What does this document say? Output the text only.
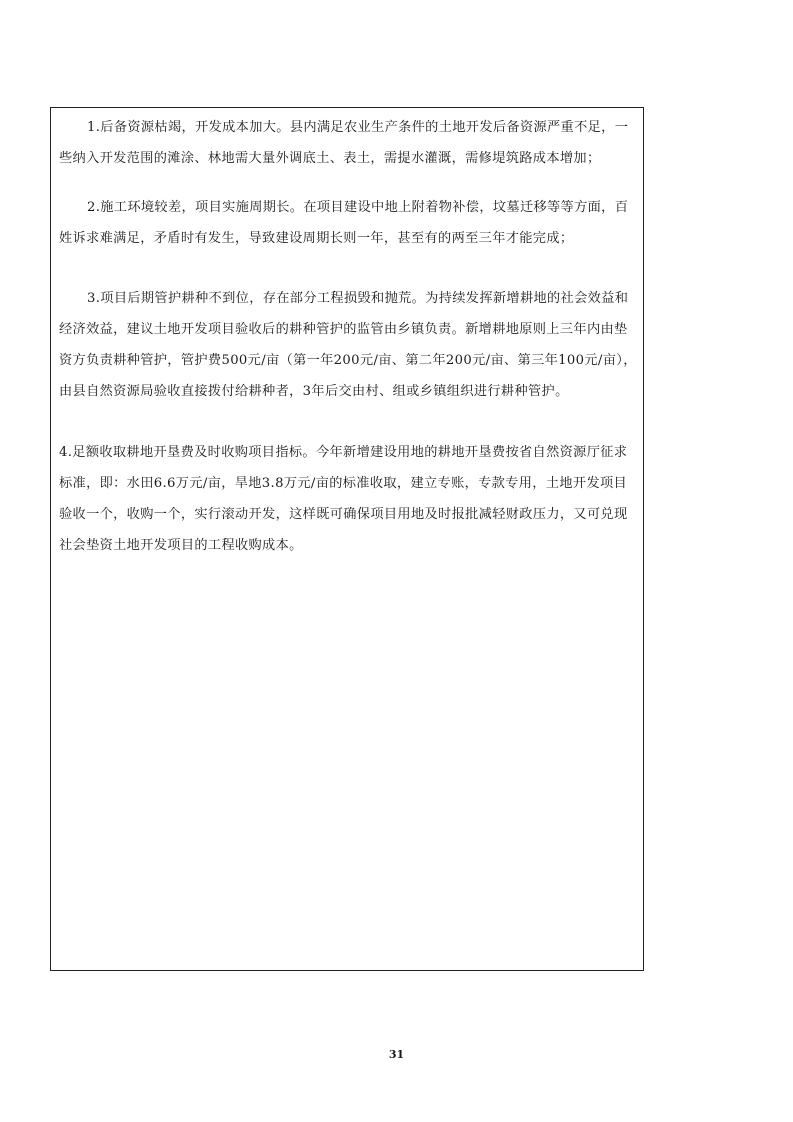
1.后备资源枯竭，开发成本加大。县内满足农业生产条件的土地开发后备资源严重不足，一些纳入开发范围的滩涂、林地需大量外调底土、表土，需提水灌溉，需修堤筑路成本增加；

2.施工环境较差，项目实施周期长。在项目建设中地上附着物补偿，坟墓迁移等等方面，百姓诉求难满足，矛盾时有发生，导致建设周期长则一年，甚至有的两至三年才能完成；

3.项目后期管护耕种不到位，存在部分工程损毁和抛荒。为持续发挥新增耕地的社会效益和经济效益，建议土地开发项目验收后的耕种管护的监管由乡镇负责。新增耕地原则上三年内由垫资方负责耕种管护，管护费500元/亩（第一年200元/亩、第二年200元/亩、第三年100元/亩），由县自然资源局验收直接拨付给耕种者，3年后交由村、组或乡镇组织进行耕种管护。

4.足额收取耕地开垦费及时收购项目指标。今年新增建设用地的耕地开垦费按省自然资源厅征求标准，即：水田6.6万元/亩，旱地3.8万元/亩的标准收取，建立专账，专款专用，土地开发项目验收一个，收购一个，实行滚动开发，这样既可确保项目用地及时报批减轻财政压力，又可兑现社会垫资土地开发项目的工程收购成本。

31
